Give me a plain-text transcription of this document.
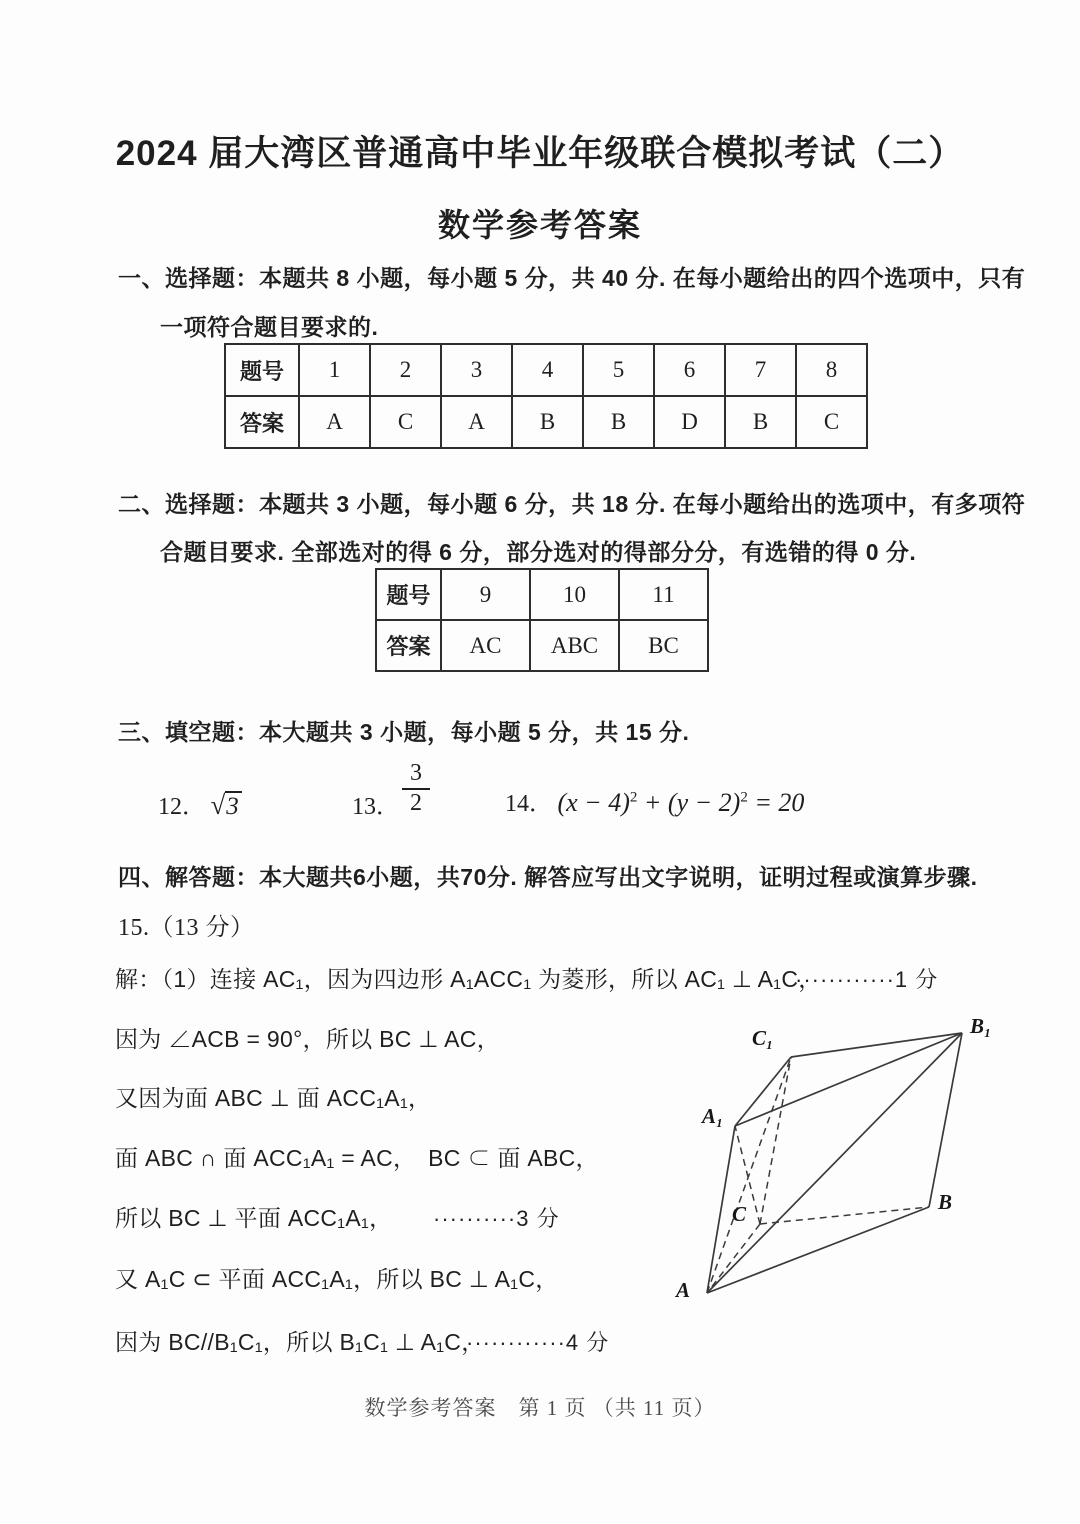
2024 届大湾区普通高中毕业年级联合模拟考试（二）
数学参考答案
一、选择题：本题共 8 小题，每小题 5 分，共 40 分. 在每小题给出的四个选项中，只有
一项符合题目要求的.
题号	1	2	3	4	5	6	7	8
答案	A	C	A	B	B	D	B	C
二、选择题：本题共 3 小题，每小题 6 分，共 18 分. 在每小题给出的选项中，有多项符
合题目要求. 全部选对的得 6 分，部分选对的得部分分，有选错的得 0 分.
题号	9	10	11
答案	AC	ABC	BC
三、填空题：本大题共 3 小题，每小题 5 分，共 15 分.
12． √3	13． $\frac{3}{2}$	14． $(x - 4)^2 + (y - 2)^2 = 20$
四、解答题：本大题共6小题，共70分. 解答应写出文字说明，证明过程或演算步骤.
15.（13 分）
解：（1）连接 AC₁，因为四边形 A₁ACC₁ 为菱形，所以 AC₁ ⊥ A₁C，
············1 分
因为 ∠ACB = 90°，所以 BC ⊥ AC，
又因为面 ABC ⊥ 面 ACC₁A₁，
面 ABC ∩ 面 ACC₁A₁ = AC，　BC ⊂ 面 ABC，
所以 BC ⊥ 平面 ACC₁A₁， ··········3 分
又 A₁C ⊂ 平面 ACC₁A₁，所以 BC ⊥ A₁C，
因为 BC//B₁C₁，所以 B₁C₁ ⊥ A₁C，
············4 分
A
B
C
A₁
B₁
C₁
数学参考答案　第 1 页 （共 11 页）
